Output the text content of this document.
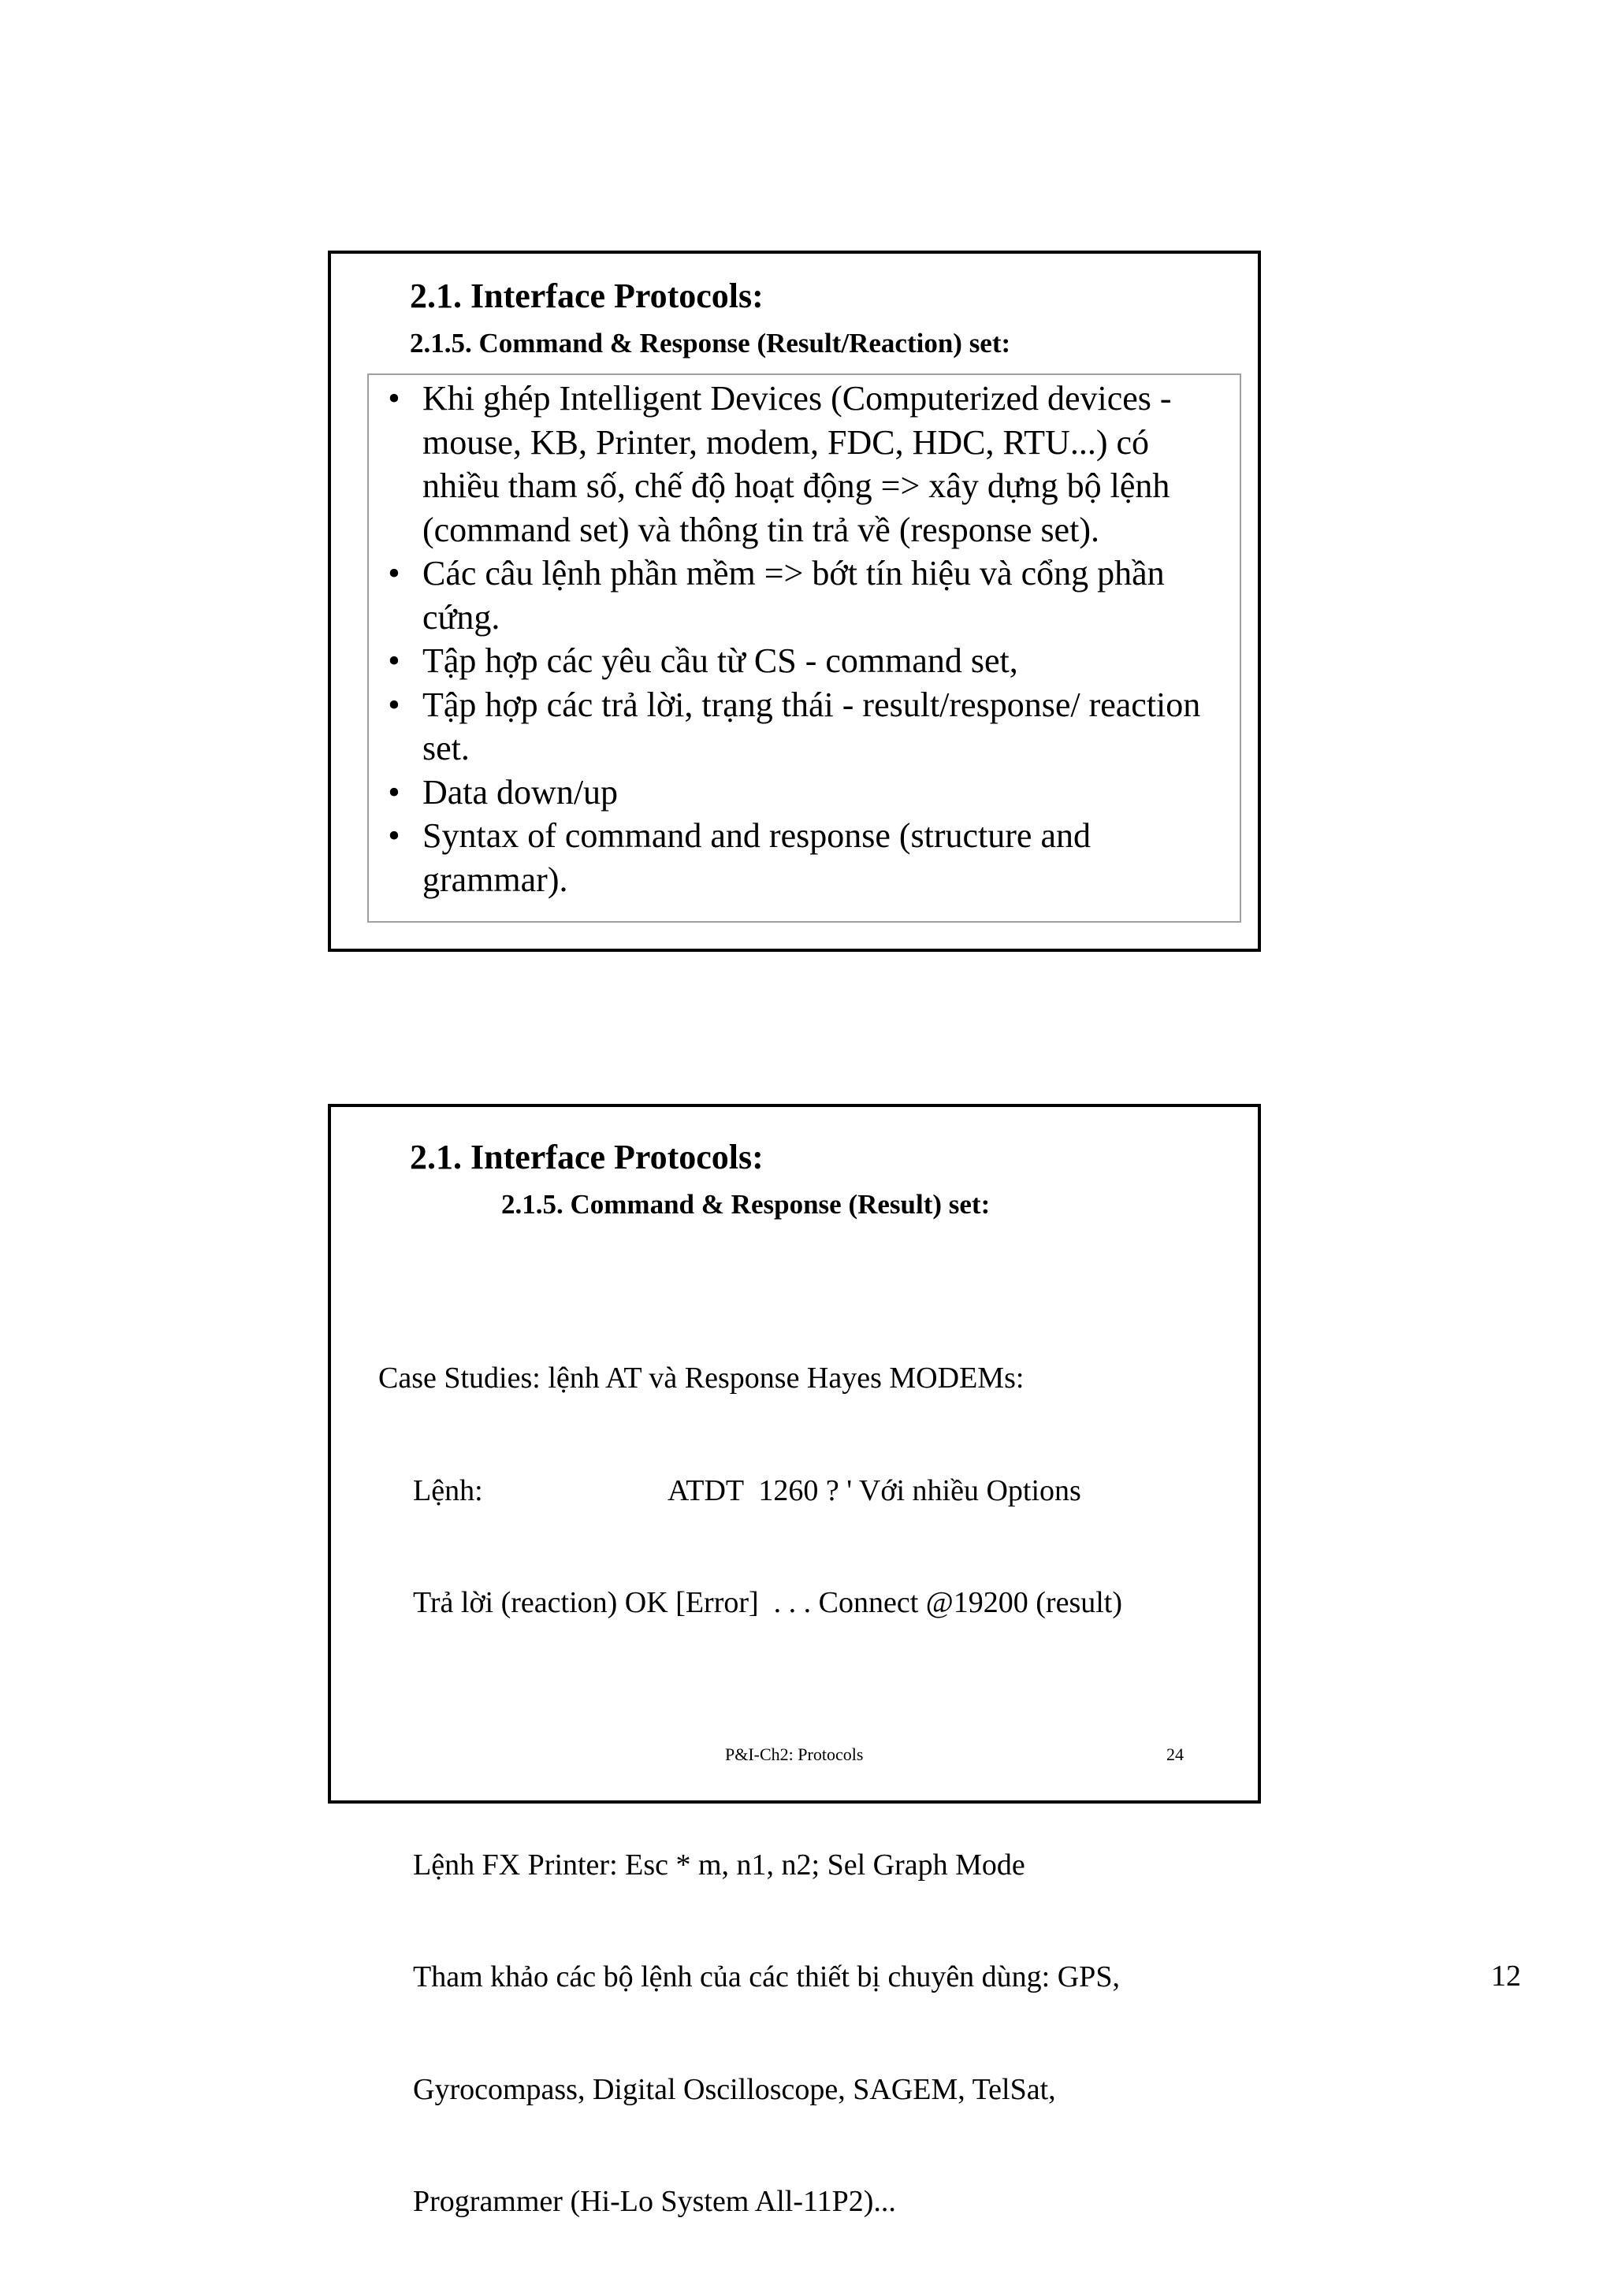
2.1. Interface Protocols:
2.1.5. Command & Response (Result/Reaction) set:
• Khi ghép Intelligent Devices (Computerized devices -
mouse, KB, Printer, modem, FDC, HDC, RTU...) có
nhiều tham số, chế độ hoạt động => xây dựng bộ lệnh
(command set) và thông tin trả về (response set).
• Các câu lệnh phần mềm => bớt tín hiệu và cổng phần
cứng.
• Tập hợp các yêu cầu từ CS - command set,
• Tập hợp các trả lời, trạng thái - result/response/ reaction
set.
• Data down/up
• Syntax of command and response (structure and
grammar).
2.1. Interface Protocols:
2.1.5. Command & Response (Result) set:

Case Studies: lệnh AT và Response Hayes MODEMs:

Lệnh:	ATDT  1260 ? ' Với nhiều Options

Trả lời (reaction) OK [Error]  . . . Connect @19200 (result)

Lệnh FX Printer: Esc * m, n1, n2; Sel Graph Mode

Tham khảo các bộ lệnh của các thiết bị chuyên dùng: GPS,

Gyrocompass, Digital Oscilloscope, SAGEM, TelSat,

Programmer (Hi-Lo System All-11P2)...

P&I-Ch2: Protocols	24
12
